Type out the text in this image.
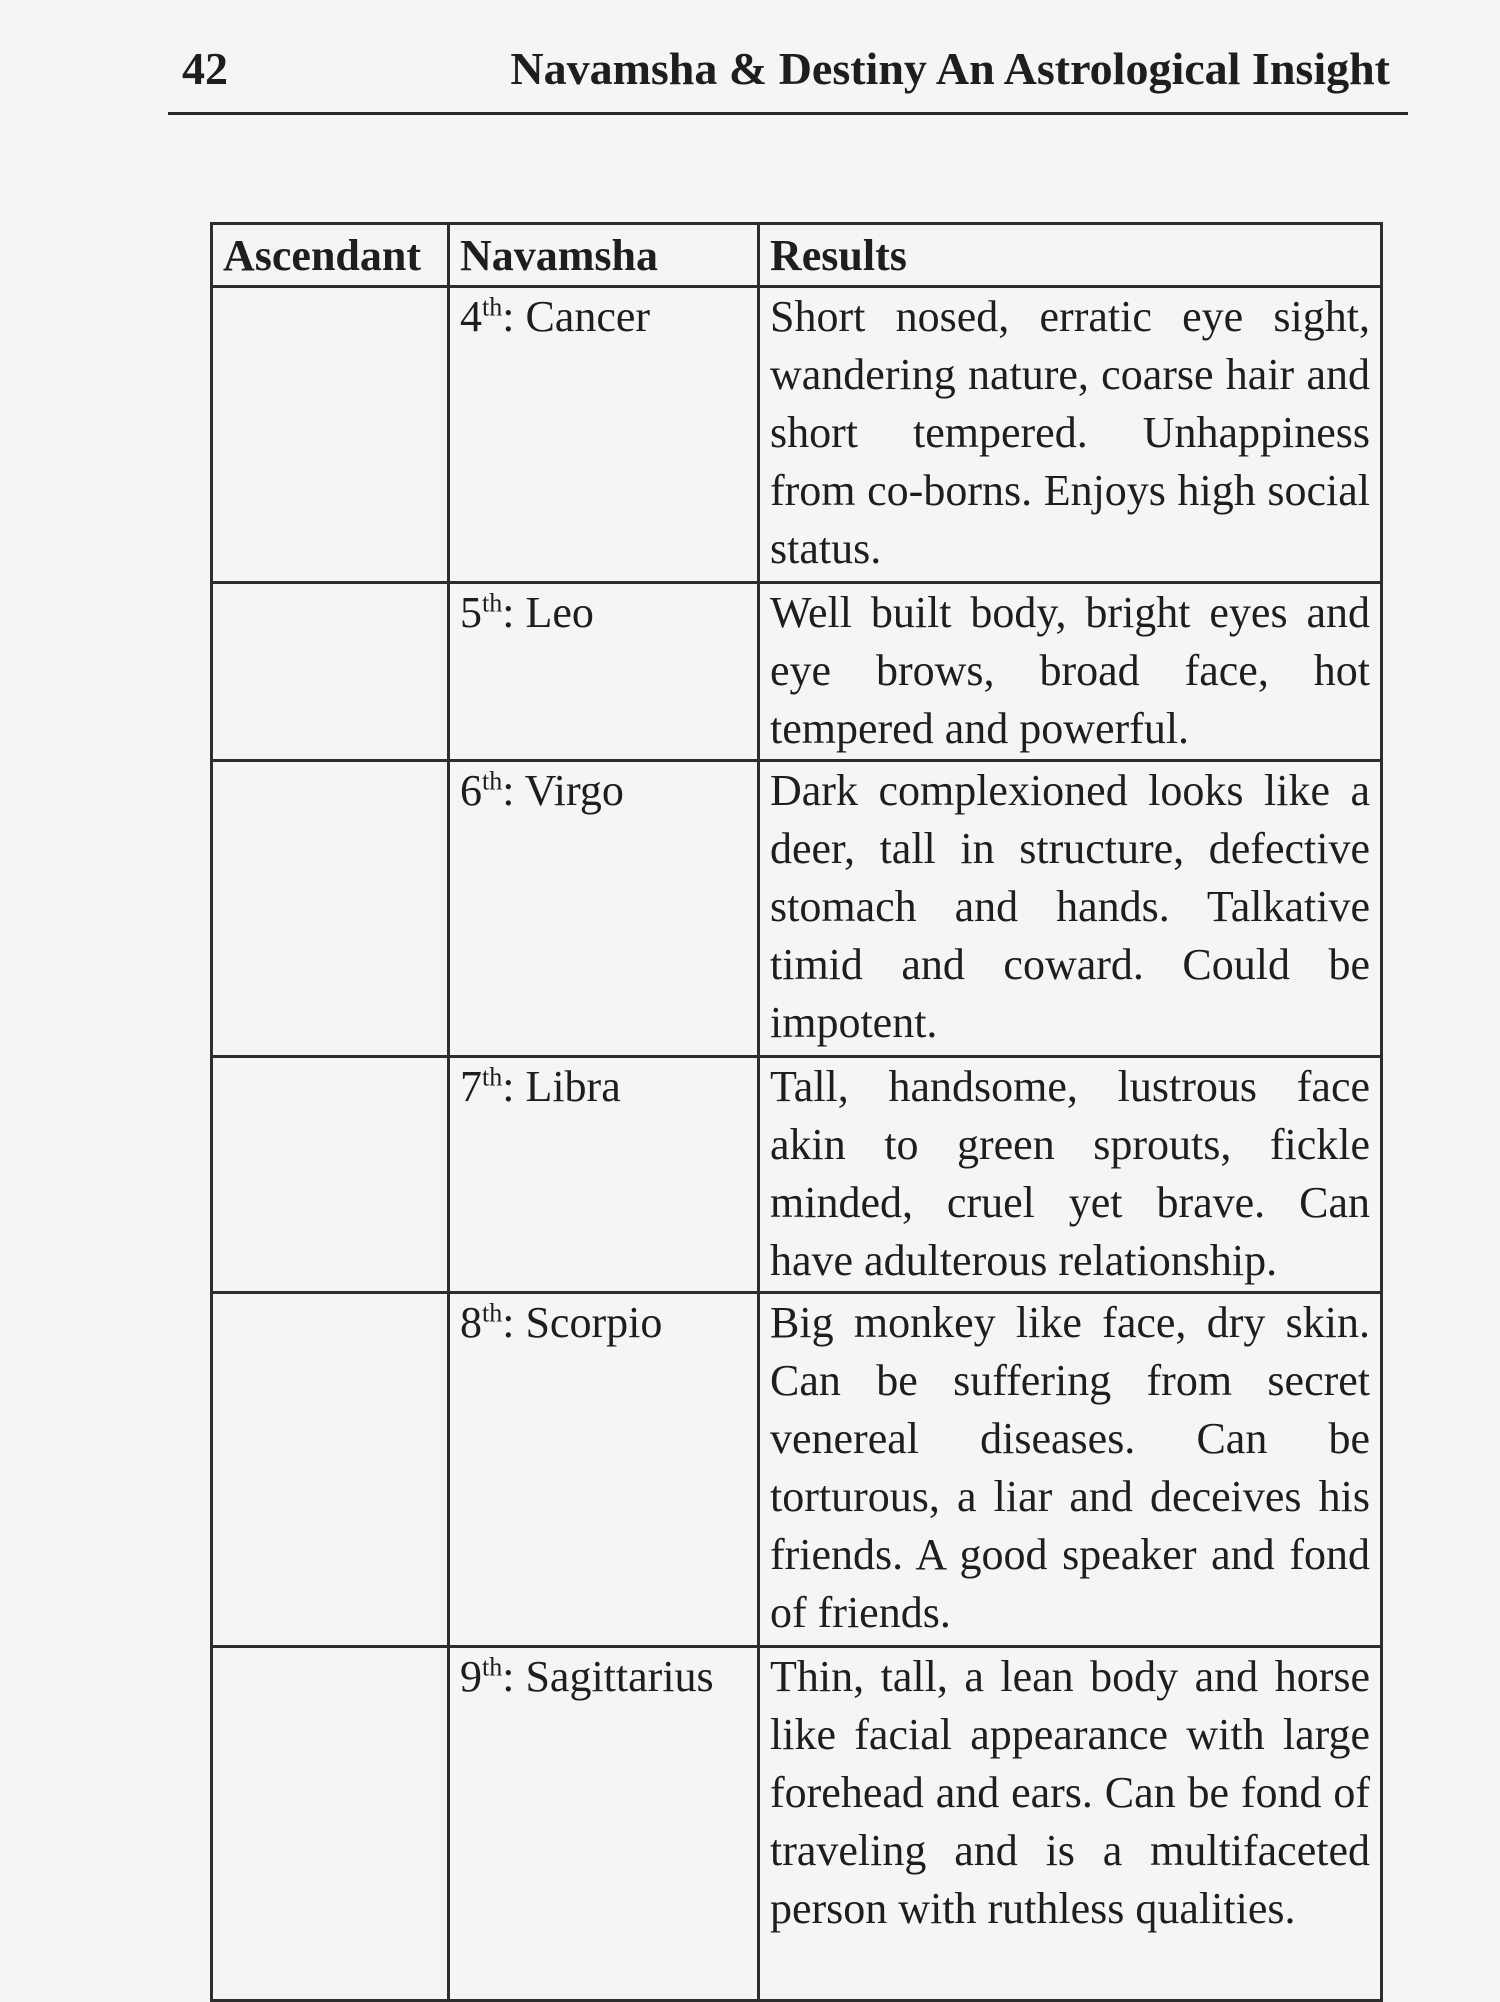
42	Navamsha & Destiny An Astrological Insight
Ascendant	Navamsha	Results
	4th: Cancer	Short nosed, erratic eye sight, wandering nature, coarse hair and short tempered. Unhappiness from co-borns. Enjoys high social status.
	5th: Leo	Well built body, bright eyes and eye brows, broad face, hot tempered and powerful.
	6th: Virgo	Dark complexioned looks like a deer, tall in structure, defective stomach and hands. Talkative timid and coward. Could be impotent.
	7th: Libra	Tall, handsome, lustrous face akin to green sprouts, fickle minded, cruel yet brave. Can have adulterous relationship.
	8th: Scorpio	Big monkey like face, dry skin. Can be suffering from secret venereal diseases. Can be torturous, a liar and deceives his friends. A good speaker and fond of friends.
	9th: Sagittarius	Thin, tall, a lean body and horse like facial appearance with large forehead and ears. Can be fond of traveling and is a multifaceted person with ruthless qualities.
